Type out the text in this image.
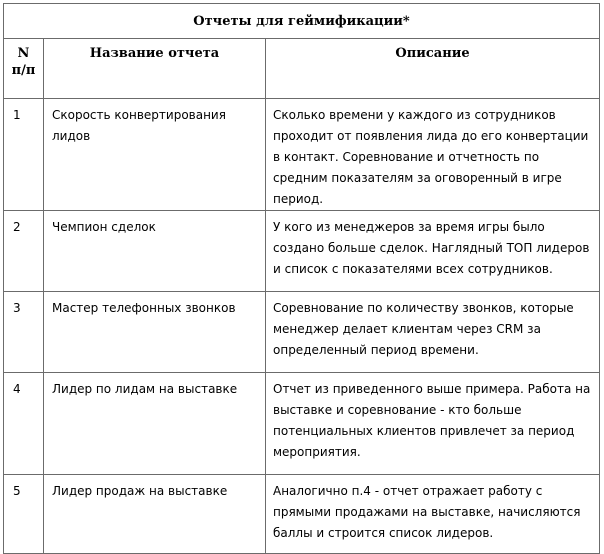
Отчеты для геймификации*		

N
п/п	Название отчета	Описание
1	Скорость конвертирования лидов	Сколько времени у каждого из сотрудников проходит от появления лида до его конвертации в контакт. Соревнование и отчетность по средним показателям за оговоренный в игре период.
2	Чемпион сделок	У кого из менеджеров за время игры было создано больше сделок. Наглядный ТОП лидеров и список с показателями всех сотрудников.
3	Мастер телефонных звонков	Соревнование по количеству звонков, которые менеджер делает клиентам через CRM за определенный период времени.
4	Лидер по лидам на выставке	Отчет из приведенного выше примера. Работа на выставке и соревнование - кто больше потенциальных клиентов привлечет за период мероприятия.
5	Лидер продаж на выставке	Аналогично п.4 - отчет отражает работу с прямыми продажами на выставке, начисляются баллы и строится список лидеров.
